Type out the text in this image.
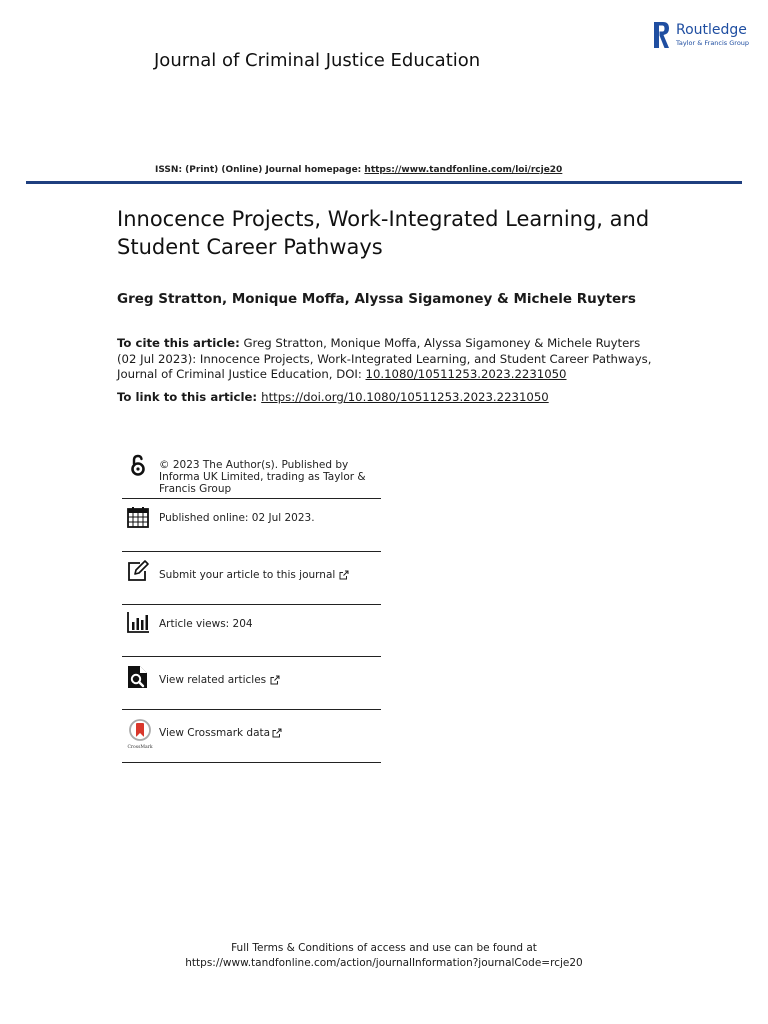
Journal of Criminal Justice Education
Routledge
Taylor & Francis Group
ISSN: (Print) (Online) Journal homepage: https://www.tandfonline.com/loi/rcje20
Innocence Projects, Work-Integrated Learning, and
Student Career Pathways
Greg Stratton, Monique Moffa, Alyssa Sigamoney & Michele Ruyters
To cite this article: Greg Stratton, Monique Moffa, Alyssa Sigamoney & Michele Ruyters (02 Jul 2023): Innocence Projects, Work-Integrated Learning, and Student Career Pathways, Journal of Criminal Justice Education, DOI: 10.1080/10511253.2023.2231050
To link to this article: https://doi.org/10.1080/10511253.2023.2231050
© 2023 The Author(s). Published by Informa UK Limited, trading as Taylor & Francis Group
Published online: 02 Jul 2023.
Submit your article to this journal
Article views: 204
View related articles
CrossMark
View Crossmark data
Full Terms & Conditions of access and use can be found at
https://www.tandfonline.com/action/journalInformation?journalCode=rcje20
